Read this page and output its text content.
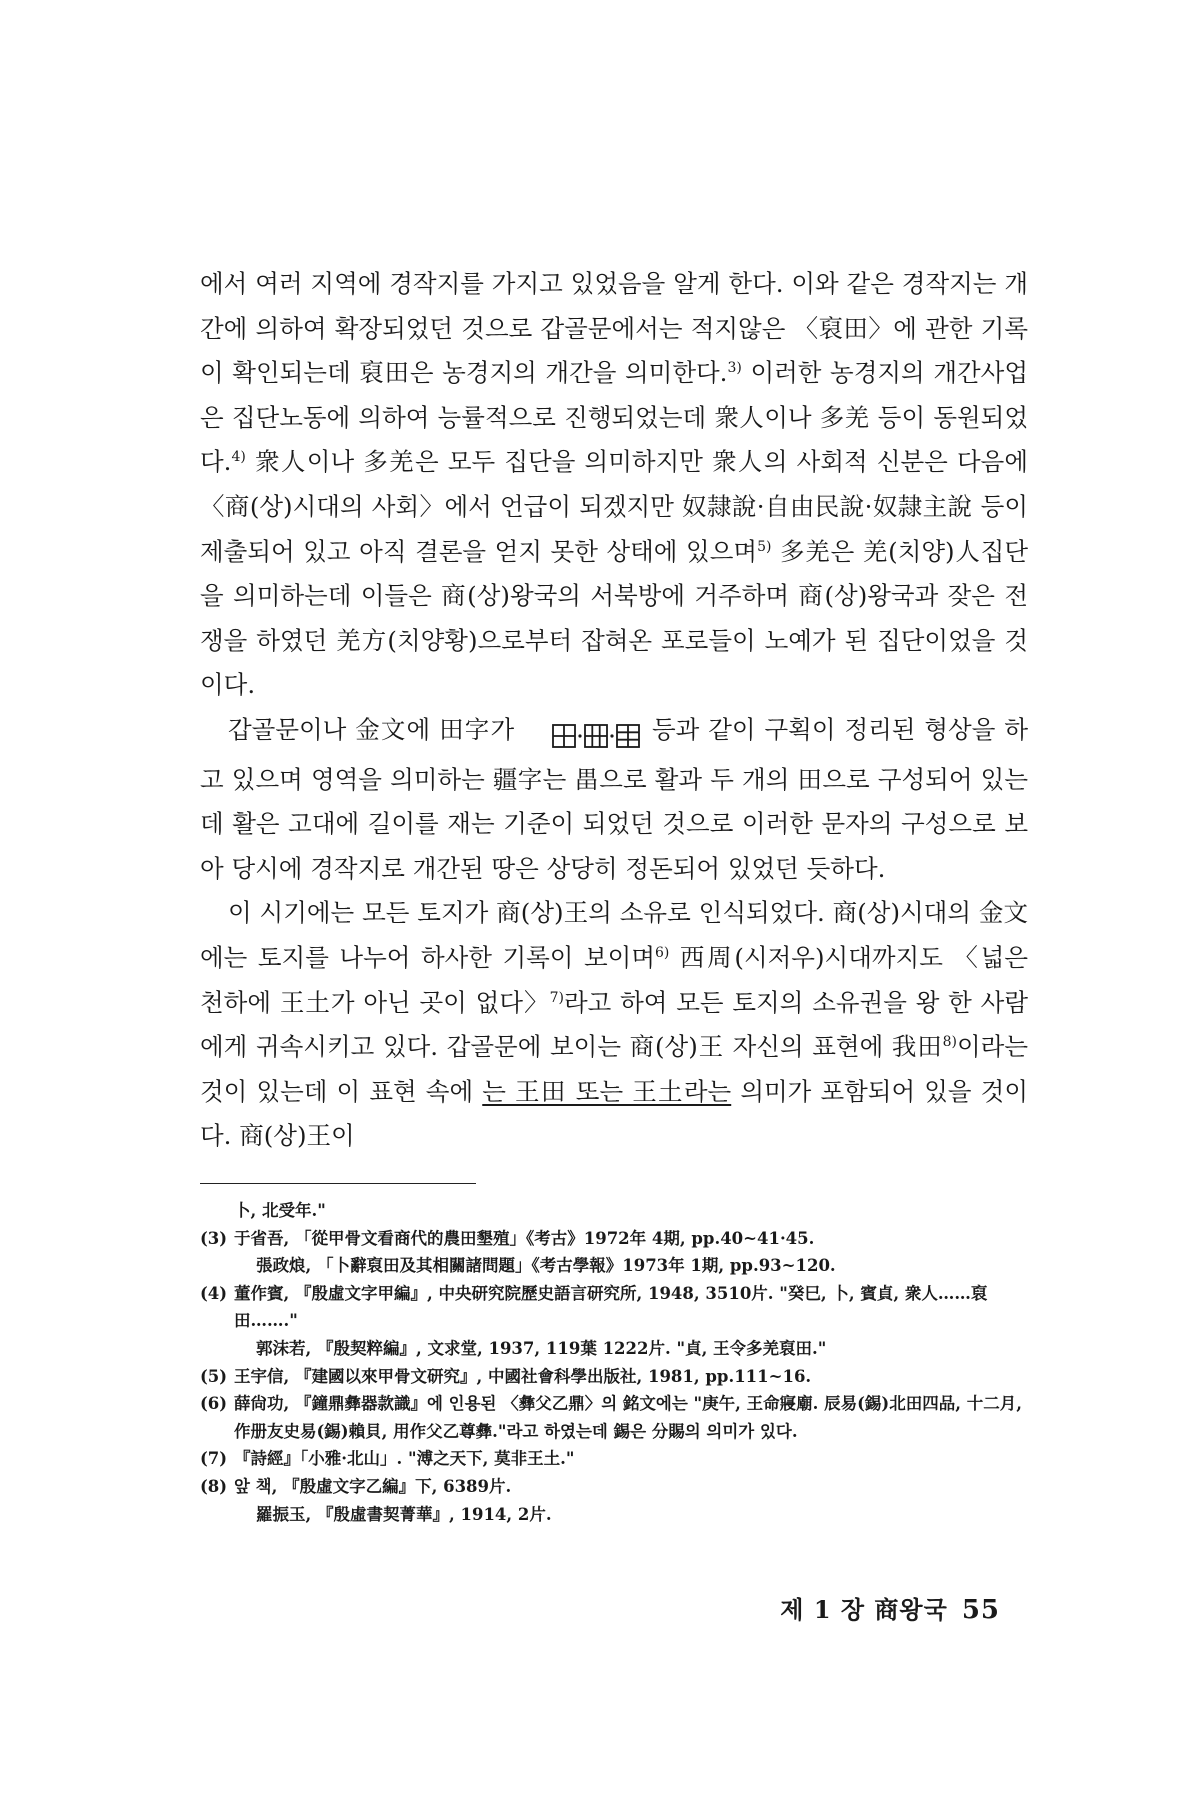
에서 여러 지역에 경작지를 가지고 있었음을 알게 한다. 이와 같은 경작지는 개간에 의하여 확장되었던 것으로 갑골문에서는 적지않은 〈裒田〉에 관한 기록이 확인되는데 裒田은 농경지의 개간을 의미한다.$^{3)}$ 이러한 농경지의 개간사업은 집단노동에 의하여 능률적으로 진행되었는데 衆人이나 多羌 등이 동원되었다.$^{4)}$ 衆人이나 多羌은 모두 집단을 의미하지만 衆人의 사회적 신분은 다음에 〈商(상)시대의 사회〉에서 언급이 되겠지만 奴隷說·自由民說·奴隷主說 등이 제출되어 있고 아직 결론을 얻지 못한 상태에 있으며$^{5)}$ 多羌은 羌(치양)人집단을 의미하는데 이들은 商(상)왕국의 서북방에 거주하며 商(상)왕국과 잦은 전쟁을 하였던 羌方(치양황)으로부터 잡혀온 포로들이 노예가 된 집단이었을 것이다.

갑골문이나 金文에 田字가	등과 같이 구획이 정리된 형상을 하고 있으며 영역을 의미하는 疆字는 畕으로 활과 두 개의 田으로 구성되어 있는데 활은 고대에 길이를 재는 기준이 되었던 것으로 이러한 문자의 구성으로 보아 당시에 경작지로 개간된 땅은 상당히 정돈되어 있었던 듯하다.

이 시기에는 모든 토지가 商(상)王의 소유로 인식되었다. 商(상)시대의 金文에는 토지를 나누어 하사한 기록이 보이며$^{6)}$ 西周(시저우)시대까지도 〈넓은 천하에 王土가 아닌 곳이 없다〉$^{7)}$라고 하여 모든 토지의 소유권을 왕 한 사람에게 귀속시키고 있다. 갑골문에 보이는 商(상)王 자신의 표현에 我田$^{8)}$이라는 것이 있는데 이 표현 속에 는 王田 또는 王土라는 의미가 포함되어 있을 것이다. 商(상)王이

卜, 北受年."
(3) 于省吾, 「從甲骨文看商代的農田墾殖」《考古》1972年 4期, pp.40~41·45.
張政烺, 「卜辭裒田及其相關諸問題」《考古學報》1973年 1期, pp.93~120.
(4) 董作賓, 『殷虛文字甲編』, 中央研究院歷史語言研究所, 1948, 3510片. "癸巳, 卜, 賓貞, 衆人……裒田……."
郭沫若, 『殷契粹編』, 文求堂, 1937, 119葉 1222片. "貞, 王令多羌裒田."
(5) 王宇信, 『建國以來甲骨文研究』, 中國社會科學出版社, 1981, pp.111~16.
(6) 薛尙功, 『鐘鼎彝器款識』에 인용된 〈彝父乙鼎〉의 銘文에는 "庚午, 王命寢廟. 辰易(錫)北田四品, 十二月, 作册友史易(錫)賴貝, 用作父乙尊彝."라고 하였는데 錫은 分賜의 의미가 있다.
(7) 『詩經』「小雅·北山」. "溥之天下, 莫非王土."
(8) 앞 책, 『殷虛文字乙編』下, 6389片.
羅振玉, 『殷虛書契菁華』, 1914, 2片.
제 1 장 商왕국 55
